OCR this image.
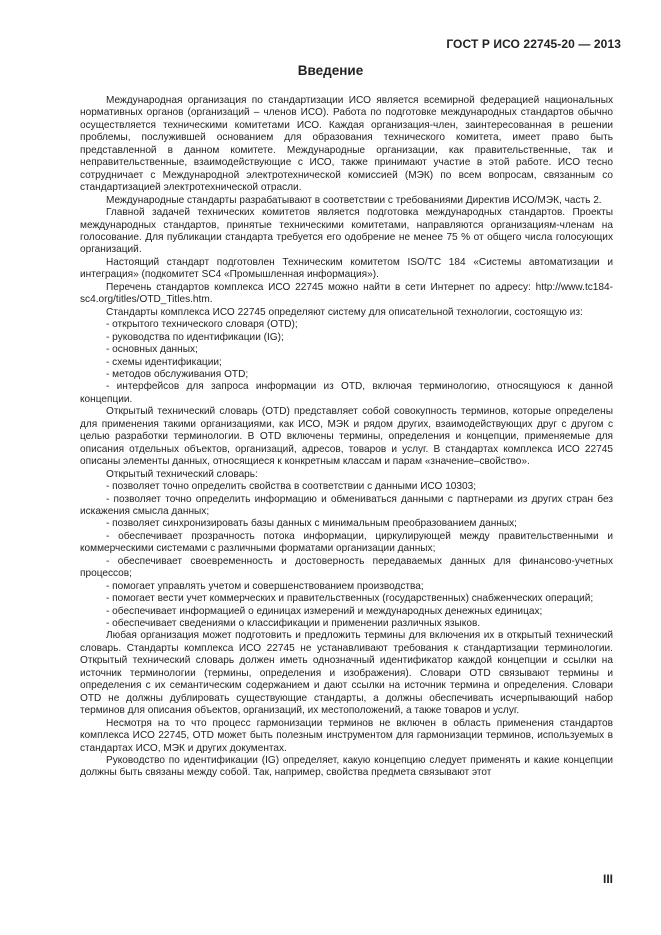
ГОСТ Р ИСО 22745-20 — 2013
Введение

Международная организация по стандартизации ИСО является всемирной федерацией национальных нормативных органов (организаций – членов ИСО). Работа по подготовке международных стандартов обычно осуществляется техническими комитетами ИСО. Каждая организация-член, заинтересованная в решении проблемы, послужившей основанием для образования технического комитета, имеет право быть представленной в данном комитете. Международные организации, как правительственные, так и неправительственные, взаимодействующие с ИСО, также принимают участие в этой работе. ИСО тесно сотрудничает с Международной электротехнической комиссией (МЭК) по всем вопросам, связанным со стандартизацией электротехнической отрасли.

Международные стандарты разрабатывают в соответствии с требованиями Директив ИСО/МЭК, часть 2.

Главной задачей технических комитетов является подготовка международных стандартов. Проекты международных стандартов, принятые техническими комитетами, направляются организациям-членам на голосование. Для публикации стандарта требуется его одобрение не менее 75 % от общего числа голосующих организаций.

Настоящий стандарт подготовлен Техническим комитетом ISO/TC 184 «Системы автоматизации и интеграция» (подкомитет SC4 «Промышленная информация»).

Перечень стандартов комплекса ИСО 22745 можно найти в сети Интернет по адресу: http://www.tc184-sc4.org/titles/OTD_Titles.htm.

Стандарты комплекса ИСО 22745 определяют систему для описательной технологии, состоящую из:

- открытого технического словаря (OTD);

- руководства по идентификации (IG);

- основных данных;

- схемы идентификации;

- методов обслуживания OTD;

- интерфейсов для запроса информации из OTD, включая терминологию, относящуюся к данной концепции.

Открытый технический словарь (OTD) представляет собой совокупность терминов, которые определены для применения такими организациями, как ИСО, МЭК и рядом других, взаимодействующих друг с другом с целью разработки терминологии. В OTD включены термины, определения и концепции, применяемые для описания отдельных объектов, организаций, адресов, товаров и услуг. В стандартах комплекса ИСО 22745 описаны элементы данных, относящиеся к конкретным классам и парам «значение–свойство».

Открытый технический словарь:

- позволяет точно определить свойства в соответствии с данными ИСО 10303;

- позволяет точно определить информацию и обмениваться данными с партнерами из других стран без искажения смысла данных;

- позволяет синхронизировать базы данных с минимальным преобразованием данных;

- обеспечивает прозрачность потока информации, циркулирующей между правительственными и коммерческими системами с различными форматами организации данных;

- обеспечивает своевременность и достоверность передаваемых данных для финансово-учетных процессов;

- помогает управлять учетом и совершенствованием производства;

- помогает вести учет коммерческих и правительственных (государственных) снабженческих операций;

- обеспечивает информацией о единицах измерений и международных денежных единицах;

- обеспечивает сведениями о классификации и применении различных языков.

Любая организация может подготовить и предложить термины для включения их в открытый технический словарь. Стандарты комплекса ИСО 22745 не устанавливают требования к стандартизации терминологии. Открытый технический словарь должен иметь однозначный идентификатор каждой концепции и ссылки на источник терминологии (термины, определения и изображения). Словари OTD связывают термины и определения с их семантическим содержанием и дают ссылки на источник термина и определения. Словари OTD не должны дублировать существующие стандарты, а должны обеспечивать исчерпывающий набор терминов для описания объектов, организаций, их местоположений, а также товаров и услуг.

Несмотря на то что процесс гармонизации терминов не включен в область применения стандартов комплекса ИСО 22745, OTD может быть полезным инструментом для гармонизации терминов, используемых в стандартах ИСО, МЭК и других документах.

Руководство по идентификации (IG) определяет, какую концепцию следует применять и какие концепции должны быть связаны между собой. Так, например, свойства предмета связывают этот

III
